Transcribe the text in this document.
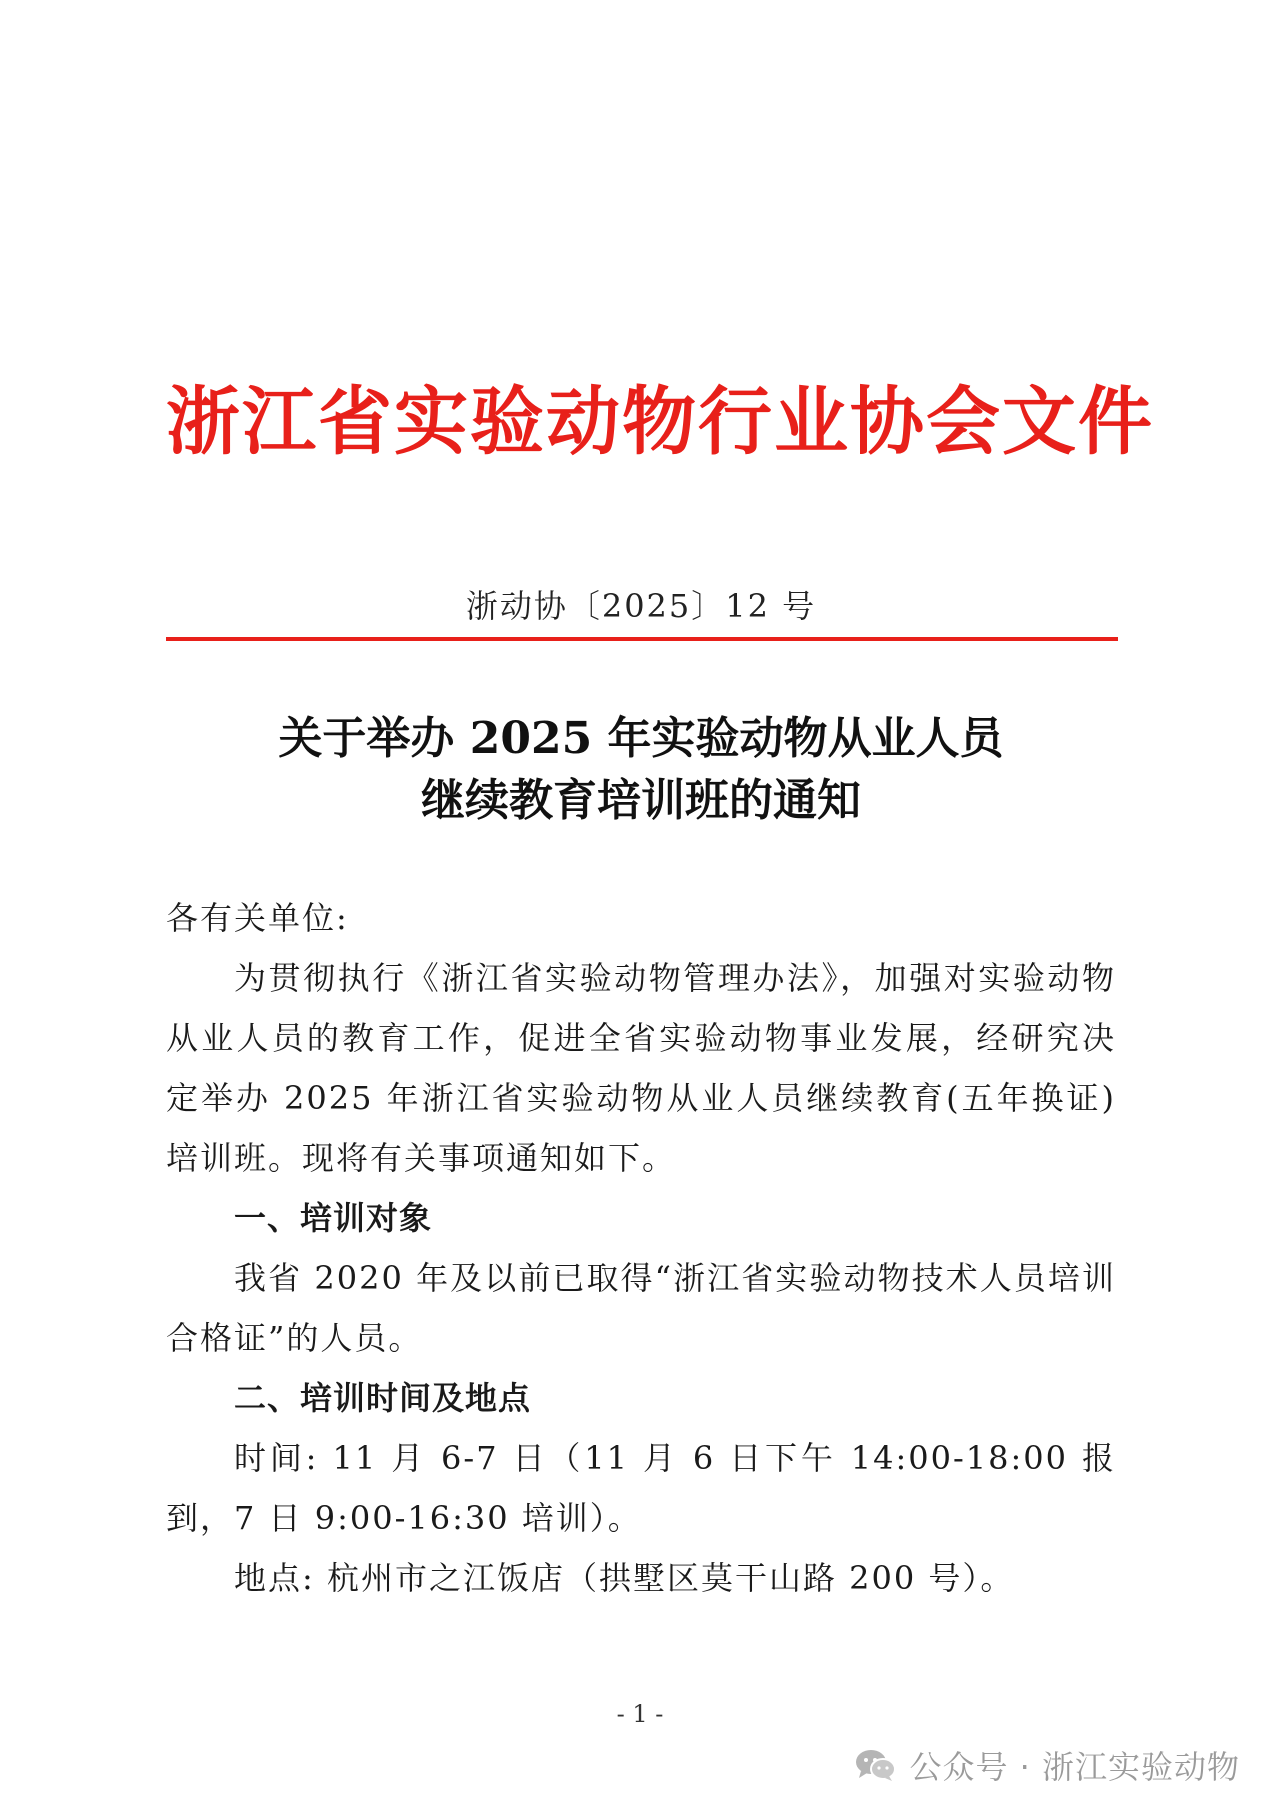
浙江省实验动物行业协会文件
浙动协〔2025〕12 号
关于举办 2025 年实验动物从业人员
继续教育培训班的通知

各有关单位:

为贯彻执行《浙江省实验动物管理办法》，加强对实验动物从业人员的教育工作，促进全省实验动物事业发展，经研究决定举办 2025 年浙江省实验动物从业人员继续教育(五年换证)培训班。现将有关事项通知如下。

一、培训对象

我省 2020 年及以前已取得“浙江省实验动物技术人员培训合格证”的人员。

二、培训时间及地点

时间: 11 月 6-7 日（11 月 6 日下午 14:00-18:00 报到，7 日 9:00-16:30 培训）。

地点: 杭州市之江饭店（拱墅区莫干山路 200 号）。

- 1 -
公众号 · 浙江实验动物
